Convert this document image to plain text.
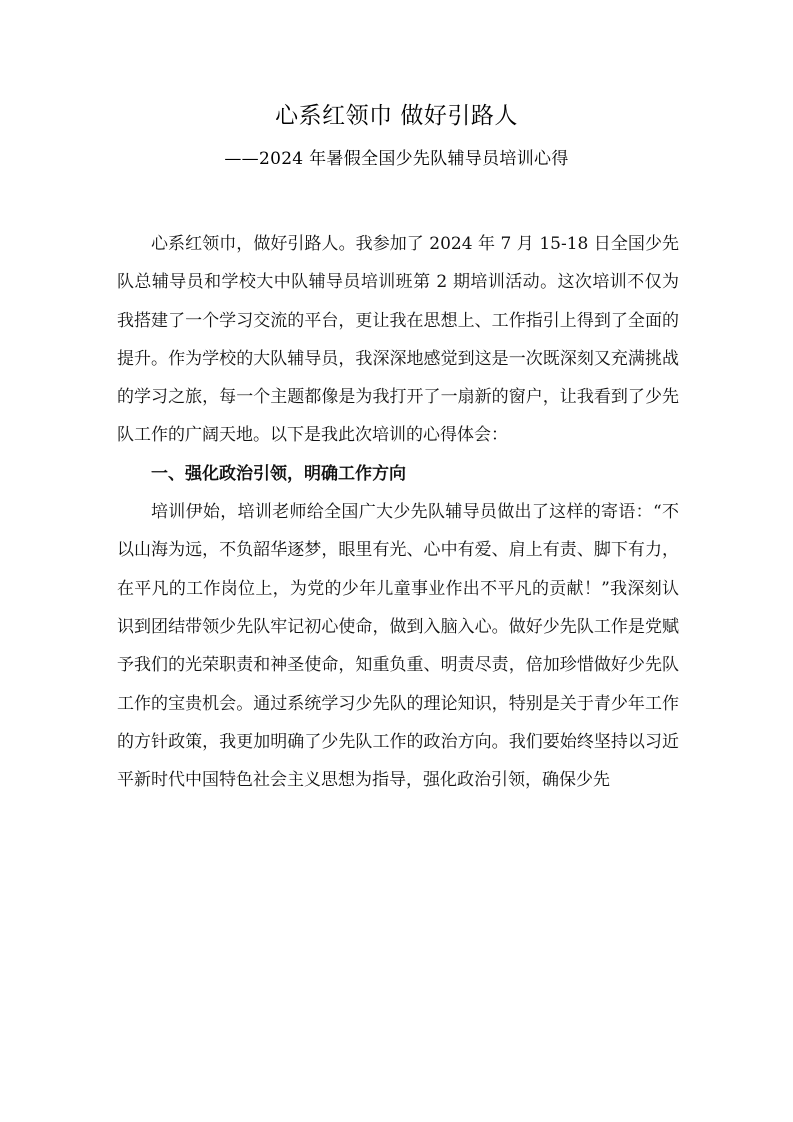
心系红领巾 做好引路人
——2024 年暑假全国少先队辅导员培训心得

心系红领巾，做好引路人。我参加了 2024 年 7 月 15-18 日全国少先队总辅导员和学校大中队辅导员培训班第 2 期培训活动。这次培训不仅为我搭建了一个学习交流的平台，更让我在思想上、工作指引上得到了全面的提升。作为学校的大队辅导员，我深深地感觉到这是一次既深刻又充满挑战的学习之旅，每一个主题都像是为我打开了一扇新的窗户，让我看到了少先队工作的广阔天地。以下是我此次培训的心得体会：

一、强化政治引领，明确工作方向

培训伊始，培训老师给全国广大少先队辅导员做出了这样的寄语：“不以山海为远，不负韶华逐梦，眼里有光、心中有爱、肩上有责、脚下有力，在平凡的工作岗位上，为党的少年儿童事业作出不平凡的贡献！”我深刻认识到团结带领少先队牢记初心使命，做到入脑入心。做好少先队工作是党赋予我们的光荣职责和神圣使命，知重负重、明责尽责，倍加珍惜做好少先队工作的宝贵机会。通过系统学习少先队的理论知识，特别是关于青少年工作的方针政策，我更加明确了少先队工作的政治方向。我们要始终坚持以习近平新时代中国特色社会主义思想为指导，强化政治引领，确保少先
